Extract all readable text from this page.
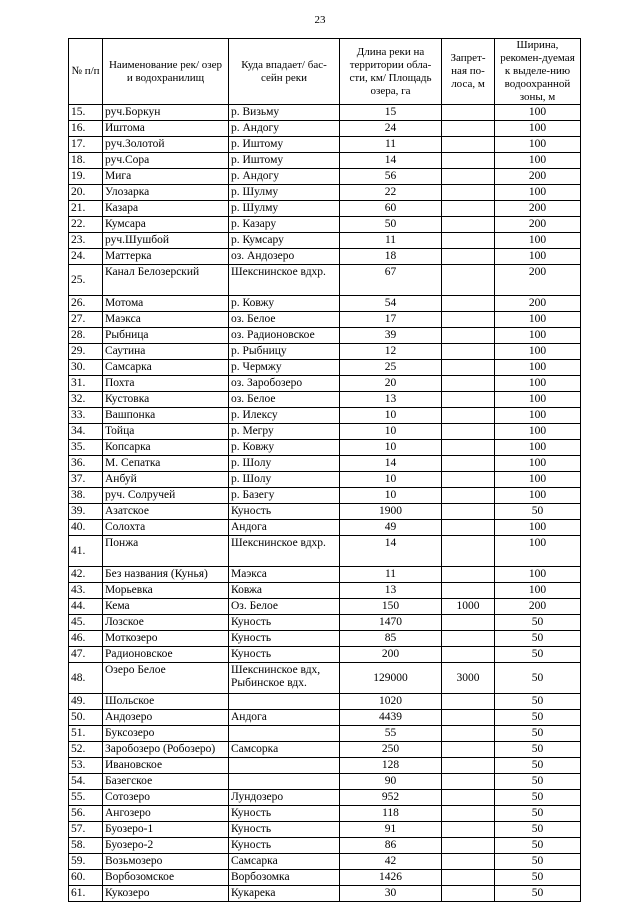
23
№ п/п	Наименование рек/ озер и водохранилищ	Куда впадает/ бас-сейн реки	Длина реки на территории обла-сти, км/ Площадь озера, га	Запрет-ная по-лоса, м	Ширина, рекомен-дуемая к выделе-нию водоохранной зоны, м
15.	руч.Боркун	р. Визьму	15		100
16.	Иштома	р. Андогу	24		100
17.	руч.Золотой	р. Иштому	11		100
18.	руч.Сора	р. Иштому	14		100
19.	Мига	р. Андогу	56		200
20.	Улозарка	р. Шулму	22		100
21.	Казара	р. Шулму	60		200
22.	Кумсара	р. Казару	50		200
23.	руч.Шушбой	р. Кумсару	11		100
24.	Маттерка	оз. Андозеро	18		100
25.	Канал Белозерский	Шекснинское вдхр.	67		200
26.	Мотома	р. Ковжу	54		200
27.	Маэкса	оз. Белое	17		100
28.	Рыбница	оз. Радионовское	39		100
29.	Саутина	р. Рыбницу	12		100
30.	Самсарка	р. Чермжу	25		100
31.	Похта	оз. Заробозеро	20		100
32.	Кустовка	оз. Белое	13		100
33.	Вашпонка	р. Илексу	10		100
34.	Тойца	р. Мегру	10		100
35.	Копсарка	р. Ковжу	10		100
36.	М. Сепатка	р. Шолу	14		100
37.	Анбуй	р. Шолу	10		100
38.	руч. Солручей	р. Базегу	10		100
39.	Азатское	Куность	1900		50
40.	Солохта	Андога	49		100
41.	Понжа	Шекснинское вдхр.	14		100
42.	Без названия (Кунья)	Маэкса	11		100
43.	Морьевка	Ковжа	13		100
44.	Кема	Оз. Белое	150	1000	200
45.	Лозское	Куность	1470		50
46.	Моткозеро	Куность	85		50
47.	Радионовское	Куность	200		50
48.	Озеро Белое	Шекснинское вдх, Рыбинское вдх.	129000	3000	50
49.	Шольское		1020		50
50.	Андозеро	Андога	4439		50
51.	Буксозеро		55		50
52.	Заробозеро (Робозеро)	Самсорка	250		50
53.	Ивановское		128		50
54.	Базегское		90		50
55.	Сотозеро	Лундозеро	952		50
56.	Ангозеро	Куность	118		50
57.	Буозеро-1	Куность	91		50
58.	Буозеро-2	Куность	86		50
59.	Возьмозеро	Самсарка	42		50
60.	Ворбозомское	Ворбозомка	1426		50
61.	Кукозеро	Кукарека	30		50
